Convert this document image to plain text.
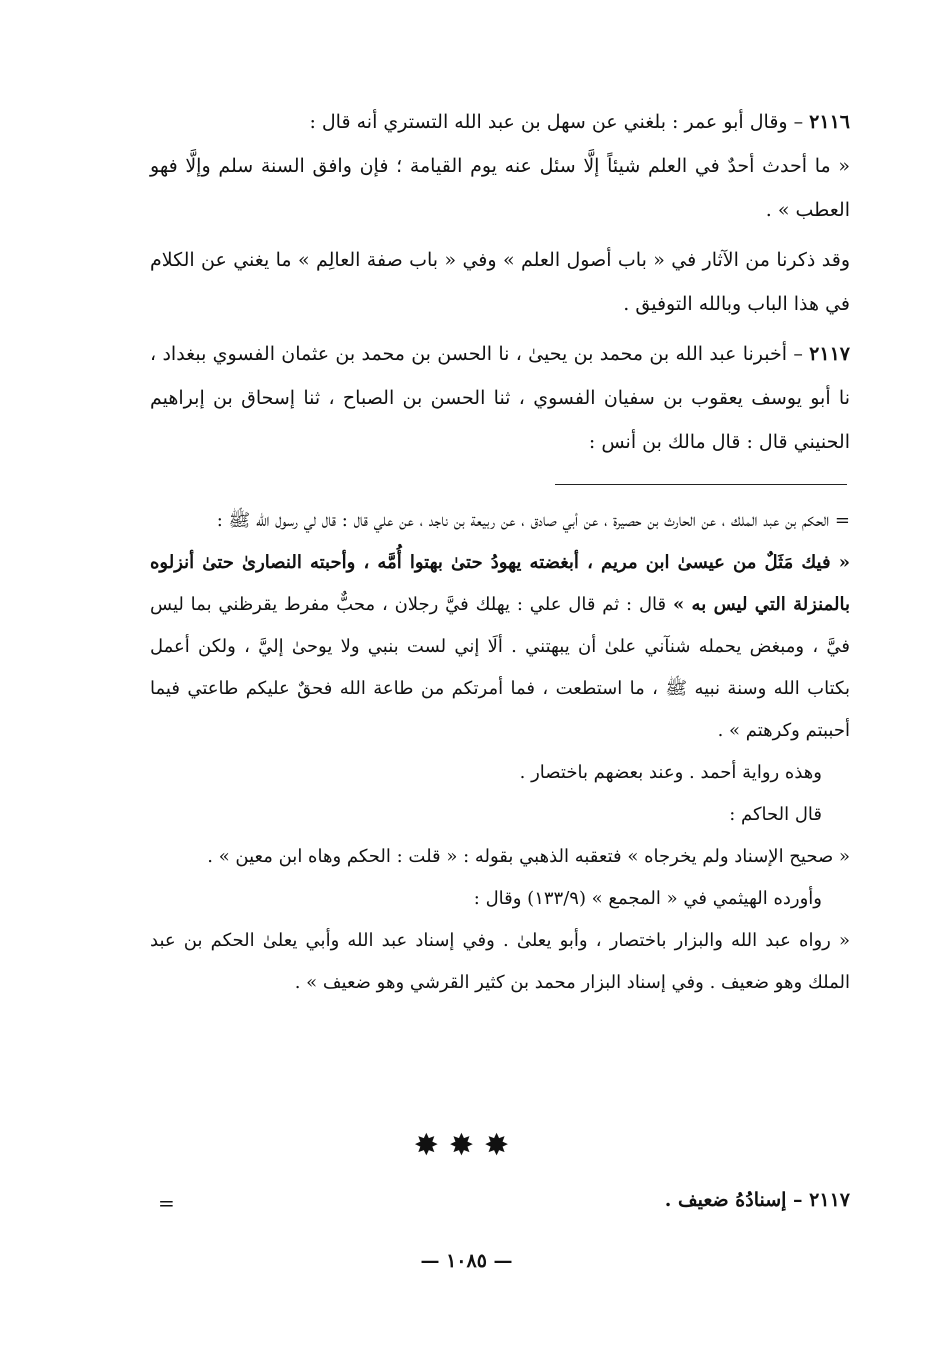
٢١١٦ – وقال أبو عمر : بلغني عن سهل بن عبد الله التستري أنه قال :

« ما أحدث أحدٌ في العلم شيئاً إلَّا سئل عنه يوم القيامة ؛ فإن وافق السنة سلم وإلَّا فهو العطب » .

وقد ذكرنا من الآثار في « باب أصول العلم » وفي « باب صفة العالِم » ما يغني عن الكلام في هذا الباب وبالله التوفيق .

٢١١٧ – أخبرنا عبد الله بن محمد بن يحيىٰ ، نا الحسن بن محمد بن عثمان الفسوي ببغداد ، نا أبو يوسف يعقوب بن سفيان الفسوي ، ثنا الحسن بن الصباح ، ثنا إسحاق بن إبراهيم الحنيني قال : قال مالك بن أنس :

= الحكم بن عبد الملك ، عن الحارث بن حصيرة ، عن أبي صادق ، عن ربيعة بن ناجد ، عن علي قال : قال لي رسول الله ﷺ :

« فيك مَثَلٌ من عيسىٰ ابن مريم ، أبغضته يهودُ حتىٰ بهتوا أُمَّه ، وأحبته النصارىٰ حتىٰ أنزلوه بالمنزلة التي ليس به » قال : ثم قال علي : يهلك فيَّ رجلان ، محبٌّ مفرط يقرظني بما ليس فيَّ ، ومبغض يحمله شنآني علىٰ أن يبهتني . ألَا إني لست بنبي ولا يوحىٰ إليَّ ، ولكن أعمل بكتاب الله وسنة نبيه ﷺ ، ما استطعت ، فما أمرتكم من طاعة الله فحقٌ عليكم طاعتي فيما أحببتم وكرهتم » .

وهذه رواية أحمد . وعند بعضهم باختصار .

قال الحاكم :

« صحيح الإسناد ولم يخرجاه » فتعقبه الذهبي بقوله : « قلت : الحكم وهاه ابن معين » .

وأورده الهيثمي في « المجمع » (١٣٣/٩) وقال :

« رواه عبد الله والبزار باختصار ، وأبو يعلىٰ . وفي إسناد عبد الله وأبي يعلىٰ الحكم بن عبد الملك وهو ضعيف . وفي إسناد البزار محمد بن كثير القرشي وهو ضعيف » .

✸✸✸
٢١١٧ – إسنادُهُ ضعيف .
=
— ١٠٨٥ —
